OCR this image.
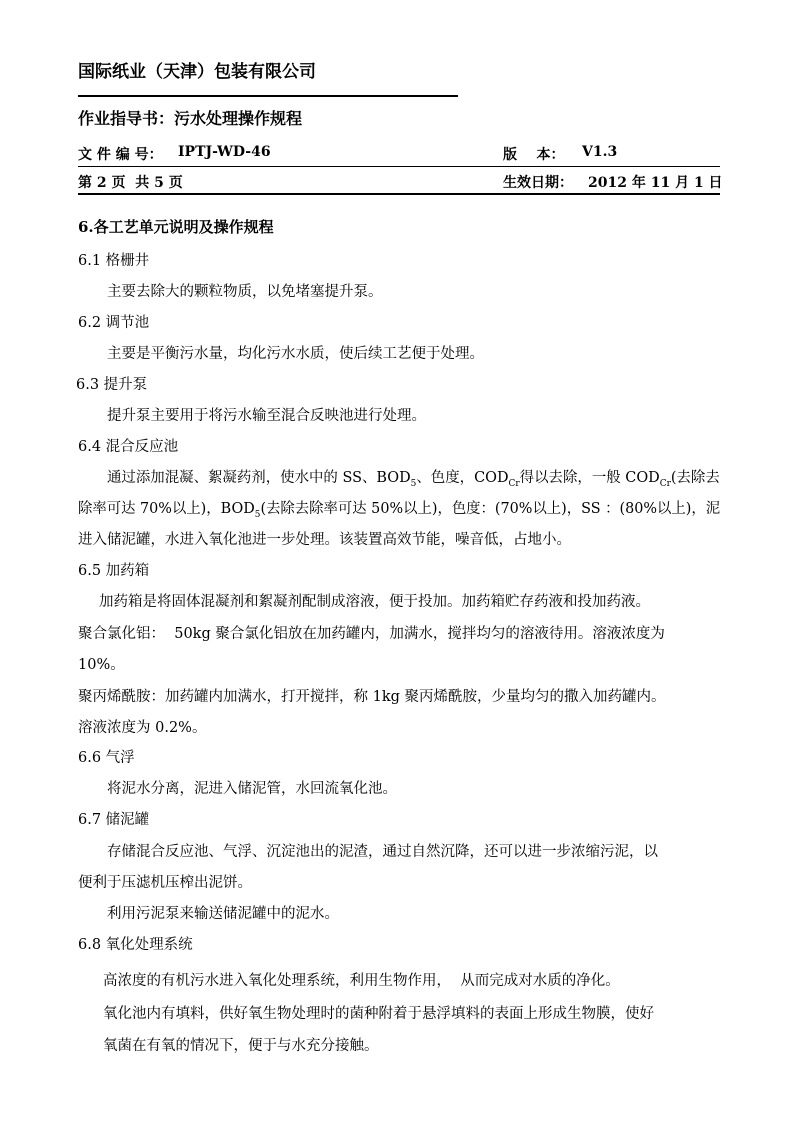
国际纸业（天津）包装有限公司
作业指导书：污水处理操作规程
文 件 编 号： IPTJ-WD-46	版    本： V1.3
第 2 页  共 5 页	生效日期： 2012 年 11 月 1 日
6.各工艺单元说明及操作规程
6.1 格栅井
主要去除大的颗粒物质，以免堵塞提升泵。
6.2 调节池
主要是平衡污水量，均化污水水质，使后续工艺便于处理。
6.3 提升泵
提升泵主要用于将污水输至混合反映池进行处理。
6.4 混合反应池
通过添加混凝、絮凝药剂，使水中的 SS、$BOD_5$、色度，$COD_{Cr}$得以去除，一般 $COD_{Cr}$(去除去
除率可达 70%以上)，$BOD_5$(去除去除率可达 50%以上)，色度：(70%以上)，SS ：(80%以上)，泥
进入储泥罐，水进入氧化池进一步处理。该装置高效节能，噪音低，占地小。
6.5 加药箱
加药箱是将固体混凝剂和絮凝剂配制成溶液，便于投加。加药箱贮存药液和投加药液。
聚合氯化铝：  50kg 聚合氯化铝放在加药罐内，加满水，搅拌均匀的溶液待用。溶液浓度为
10%。
聚丙烯酰胺：加药罐内加满水，打开搅拌，称 1kg 聚丙烯酰胺，少量均匀的撒入加药罐内。
溶液浓度为 0.2%。
6.6 气浮
将泥水分离，泥进入储泥管，水回流氧化池。
6.7 储泥罐
存储混合反应池、气浮、沉淀池出的泥渣，通过自然沉降，还可以进一步浓缩污泥，以
便利于压滤机压榨出泥饼。
利用污泥泵来输送储泥罐中的泥水。
6.8 氧化处理系统
高浓度的有机污水进入氧化处理系统，利用生物作用，  从而完成对水质的净化。
氧化池内有填料，供好氧生物处理时的菌种附着于悬浮填料的表面上形成生物膜，使好
氧菌在有氧的情况下，便于与水充分接触。
